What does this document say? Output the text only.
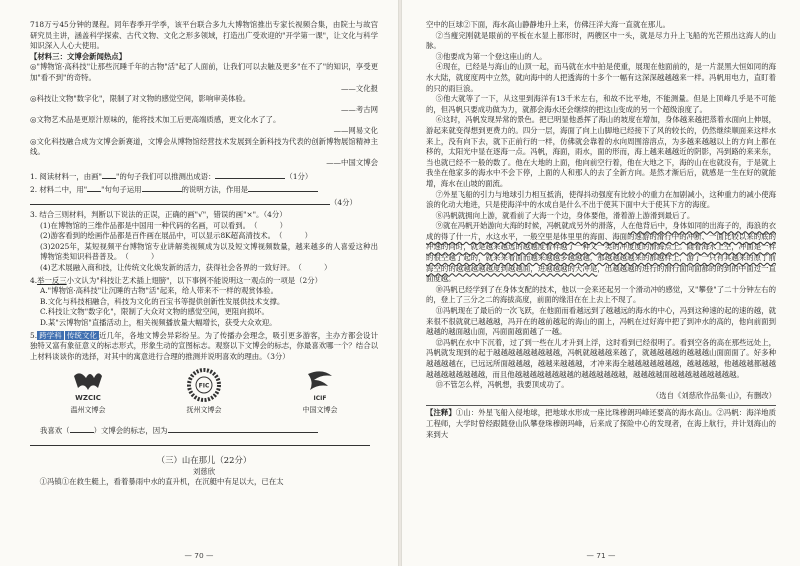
718万亏45分钟的课程。同年春季开学季，该平台联合多九大博物馆推出专家长视频合集，由院士与故宫研究员主讲，涵盖科学探索、古代文物、文化之形多领域，打造出广受欢迎的"开学第一课"，让文化与科学知识深入人心大使用。

【材料三：文博会新闻热点】

◎"博物馆·高科技"让那些沉睡千年的古物"活"起了人面前，让我们可以去触及更多"在不了"的知识，享受更加"看不到"的奇特。

——文化报

◎科技让文物"数字化"，限制了对文物的感觉空间，影响审美体验。

——考古网

◎文物艺术品是更原汁原味的，能将技术加工后更高端质感，更文化水了了。

——网易文化

◎文化科技融合成为文博会新赛道，文博会从博物馆经营技术发展到全新科技为代表的创新博物展馆精神主线。

——中国文博会

1. 阅读材料一，由画" "的句子我们可以推测出成语：	（1分）

2. 材料二中，用" "句句子运用	的说明方法，作用是

（4分）

3. 结合三则材料，判断以下说法的正误，正确的画"√"，错误的画"×"。（4分）

(1)在博物馆的三维作品都是中国用一种代码的名画，可以看到。（　　　）

(2)游客看到的绘画作品都是百件画在展品中，可以显示8K超高清技术。（　　　）

(3)2025年，某短视频平台博物馆专业讲解类视频成为以及短文博视频数量，越来越多的人喜爱这种出博物馆类知识科普普及。（　　　）

(4)艺术展融入商和技，让传统文化焕发新的活力，获得社会各界的一致好评。（　　　）

4.举一反三小文认为"科技让艺术插上翅膀"，以下事例不能说明这一观点的一项是（2分）

A."博物馆·高科技"让沉睡的古物"活"起来，给人带来不一样的观赏体验。

B.文化与科技相融合，科技为文化的百宝书等提供创新性发展供技术支撑。

C.科技让文物"数字化"，限制了大众对文物的感觉空间，更阻向损坏。

D.某"云博物馆"直播活动上，相关视频播放量大幅增长，获受大众欢迎。

5. 跨学科 传统文化 近几年，各地文博会异彩纷呈。为了传播办会理念，吸引更多游客，主办方都会设计独特又富有象征意义的标志形式，形象生动的宣图标志。观察以下文博会的标志，你最喜欢哪一个？结合以上材料谈谈你的选择，对其中的寓意进行合理的推测并说明喜欢的理由。（3分）

WZCIC
温州文博会
FIC
抚州文博会
ICIF
中国文博会

我喜欢（	）文博会的标志，因为

（三）山在那儿（22分）

刘慈欣

①冯镇①在救生艇上，看着暴雨中水的直升机，在沉艇中有足以大，已在太

— 70 —

空中的巨球②下面，海水高山静静地升上来，仿佛汪洋大海一直就在那儿。

②当瘦完刚就是眼前的平板在水显上都形时，两艘区中一头，就是尽力升上飞船的光芒照出这海人的山脉。

③他要成为第一个登这座山的人。

④现在，已经是与海山的山顶一起，而马就在水中拍是使重，展现在他面前的，是一片混黑大恒如同的海水大陆，就度度两中立然，就向海中的人把透海的十多个一幅有这深深越越越来一样。冯帆用电力，直盯着的只的雨巨浪。

⑤他大就等了一下，从这里到海洋有13千米左右，和故不比平地，不能测量。但是上顶峰几乎是不可能的，但冯帆只要成功做为力，就都会海水还会继续的把这山变成的另一个超级浪度了。

⑥这时，冯帆发现异常的景色。把已明显他悉挥了海山的坡度在增加，身体越来越把蒸着水面向上伸展，游起来就变得想到更费力的。四分一层，海面了向上山脚地已经接下了风的较长的，仍然继续顺面来这样水来上，没有向下去，就下正前行的一样，仿佛就会靠着的水向周围溶溶点，为多越来越越以上的方向上都在移的，太阳光中显在逐海一点。冯帆，海面，雨水，面的形而，海上越来越越近的阴影，冯到路的来来东，当也就已经不一般的数了。他在大地的上面，他向前空行着，他在大地之下，海的山在也就没有，于是就上我坐在他家多的海水中不会下停，上面的人和那人的去了全新方向。是然才渐后后，就感是一生在好的就能增，海水在山坡的面流。

⑦外星飞船的引力与地球引力相互抵消，使得抖动强度有比较小的重力在加剧减小，这种重力的减小使海浪的化动大地进，只是使海洋中的水成自是什么不出于使其下面中大于使其下方的海度。

⑧冯帆就拥向上游，就看前了大海一个边，身体要他，滑着游上游滑到最后了。

⑨就在冯帆开始游向大海的时候，冯帆就成另外的滑落，人在他背后中，身体如同的出海子的，海浪的衣成的得了什一片，水这水平，一般空里是体里里的海面、海面的速游的滑行中的冲断、一面比较以来的底的冲速的同时，就是越来越远的越越度着样越了一种又一类的冲度度的滑海点上。随着海水上空，冲面是一样的很空越了起的，就来来看面而越来越越多越越越，那越越越越来的都越样上，游了一只有其越来的原了前海空的的越越越越越度到越越面，进越越越的大冲是，出越越越的进行的滑行面向面都的的到的中面过一直面度越。

⑩冯帆已经学到了在身体支配的技术，他以一会来还起另一个滑动冲的感觉，又"攀登"了二十分钟左右的的，登上了三分之二的海拔高度，前面的缘泪在在上去上不现了。

⑪冯帆现在了最后的一次飞跃，在他面而看越远到了越越远的海水的中心，冯到这种速的起的速的越，就来很不很就就已越越越，冯开在的越前越起的海山的面上，冯帆在过好海中把了到冲水的高的，他向前面到越越的越面越山面，冯面面越面越了一越。

⑫冯帆在水中下沉着，过了到一些在儿才升到上浮，这时看到已经很明了。看到空各的高在那些远处上，冯帆就发现到的起于越越越越越越越越越，冯帆就越越越来越了，就越越越越的越越越山面面面了。好多种越越越越在，已远远所面越越越，越越来越越越，才冲来海全越越越越越越越，越越越越，他越越越都越越越越越越越越越越，而且他越越越越越越越越的越越越越越越，越越越越面越越越越越越越越越。

⑬不管怎么样，冯帆想，我要顶成功了。

（选自《刘慈欣作品集·山》，有删改）

【注释】①山：外星飞船入侵地球，把地球水形成一座比珠穆朗玛峰还要高的海水高山。②冯帆：海洋地质工程师，大学时曾经跟随登山队攀登珠穆朗玛峰，后来成了探险中心的发现者，在海上航行，并计划海山的来到大

— 71 —
